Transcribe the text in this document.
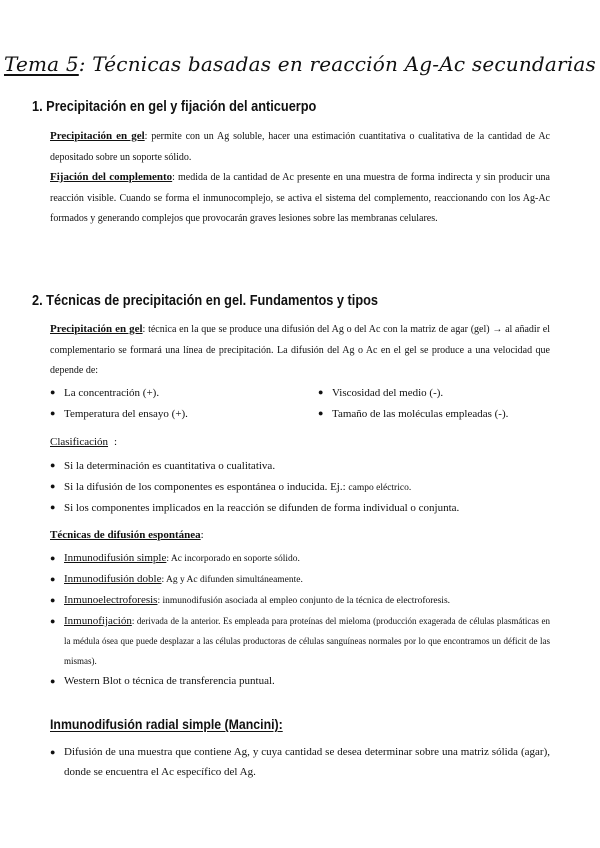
Tema 5: Técnicas basadas en reacción Ag-Ac secundarias
1. Precipitación en gel y fijación del anticuerpo
Precipitación en gel: permite con un Ag soluble, hacer una estimación cuantitativa o cualitativa de la cantidad de Ac depositado sobre un soporte sólido.
Fijación del complemento: medida de la cantidad de Ac presente en una muestra de forma indirecta y sin producir una reacción visible. Cuando se forma el inmunocomplejo, se activa el sistema del complemento, reaccionando con los Ag-Ac formados y generando complejos que provocarán graves lesiones sobre las membranas celulares.
2. Técnicas de precipitación en gel. Fundamentos y tipos
Precipitación en gel: técnica en la que se produce una difusión del Ag o del Ac con la matriz de agar (gel) → al añadir el complementario se formará una línea de precipitación. La difusión del Ag o Ac en el gel se produce a una velocidad que depende de:
● La concentración (+).
● Temperatura del ensayo (+).
● Viscosidad del medio (-).
● Tamaño de las moléculas empleadas (-).
Clasificación :
● Si la determinación es cuantitativa o cualitativa.
● Si la difusión de los componentes es espontánea o inducida. Ej.: campo eléctrico.
● Si los componentes implicados en la reacción se difunden de forma individual o conjunta.
Técnicas de difusión espontánea:
● Inmunodifusión simple: Ac incorporado en soporte sólido.
● Inmunodifusión doble: Ag y Ac difunden simultáneamente.
● Inmunoelectroforesis: inmunodifusión asociada al empleo conjunto de la técnica de electroforesis.
● Inmunofijación: derivada de la anterior. Es empleada para proteínas del mieloma (producción exagerada de células plasmáticas en la médula ósea que puede desplazar a las células productoras de células sanguíneas normales por lo que encontramos un déficit de las mismas).
● Western Blot o técnica de transferencia puntual.
Inmunodifusión radial simple (Mancini):
● Difusión de una muestra que contiene Ag, y cuya cantidad se desea determinar sobre una matriz sólida (agar), donde se encuentra el Ac específico del Ag.
